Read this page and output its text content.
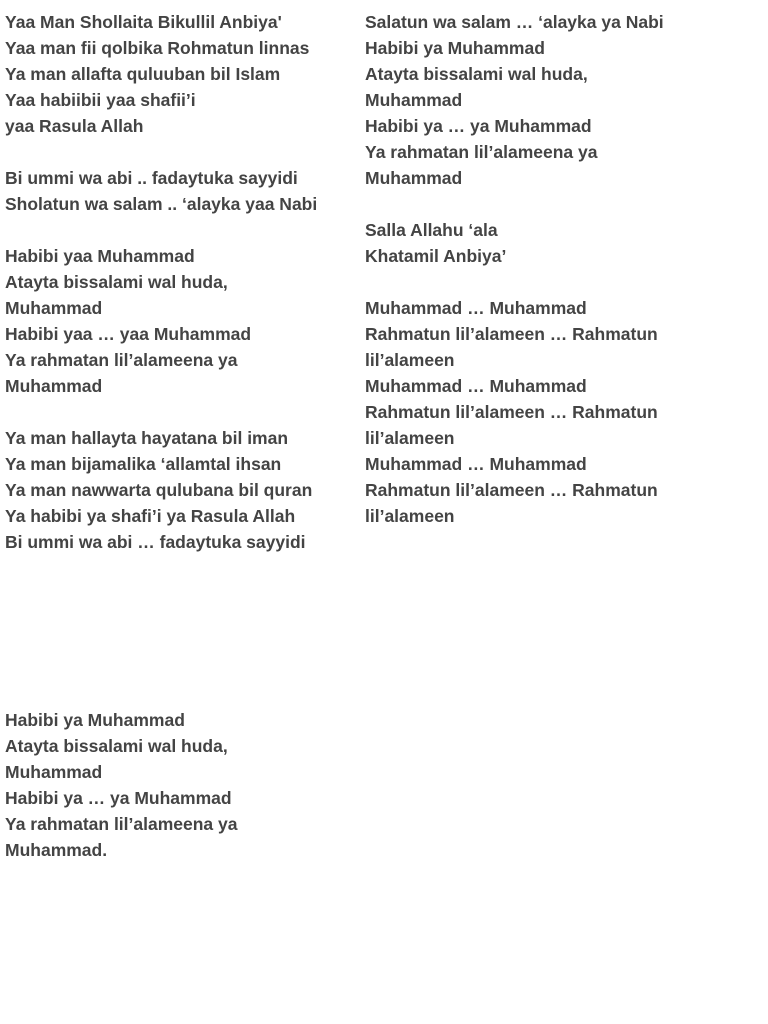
Yaa Man Shollaita Bikullil Anbiya'
Yaa man fii qolbika Rohmatun linnas
Ya man allafta quluuban bil Islam
Yaa habiibii yaa shafii’i
yaa Rasula Allah
Bi ummi wa abi .. fadaytuka sayyidi
Sholatun wa salam .. ‘alayka yaa Nabi
Habibi yaa Muhammad
Atayta bissalami wal huda,
Muhammad
Habibi yaa … yaa Muhammad
Ya rahmatan lil’alameena ya
Muhammad
Ya man hallayta hayatana bil iman
Ya man bijamalika ‘allamtal ihsan
Ya man nawwarta qulubana bil quran
Ya habibi ya shafi’i ya Rasula Allah
Bi ummi wa abi … fadaytuka sayyidi
Salatun wa salam … ‘alayka ya Nabi
Habibi ya Muhammad
Atayta bissalami wal huda,
Muhammad
Habibi ya … ya Muhammad
Ya rahmatan lil’alameena ya
Muhammad
Salla Allahu ‘ala
Khatamil Anbiya’
Muhammad … Muhammad
Rahmatun lil’alameen … Rahmatun
lil’alameen
Muhammad … Muhammad
Rahmatun lil’alameen … Rahmatun
lil’alameen
Muhammad … Muhammad
Rahmatun lil’alameen … Rahmatun
lil’alameen
Habibi ya Muhammad
Atayta bissalami wal huda,
Muhammad
Habibi ya … ya Muhammad
Ya rahmatan lil’alameena ya
Muhammad.
